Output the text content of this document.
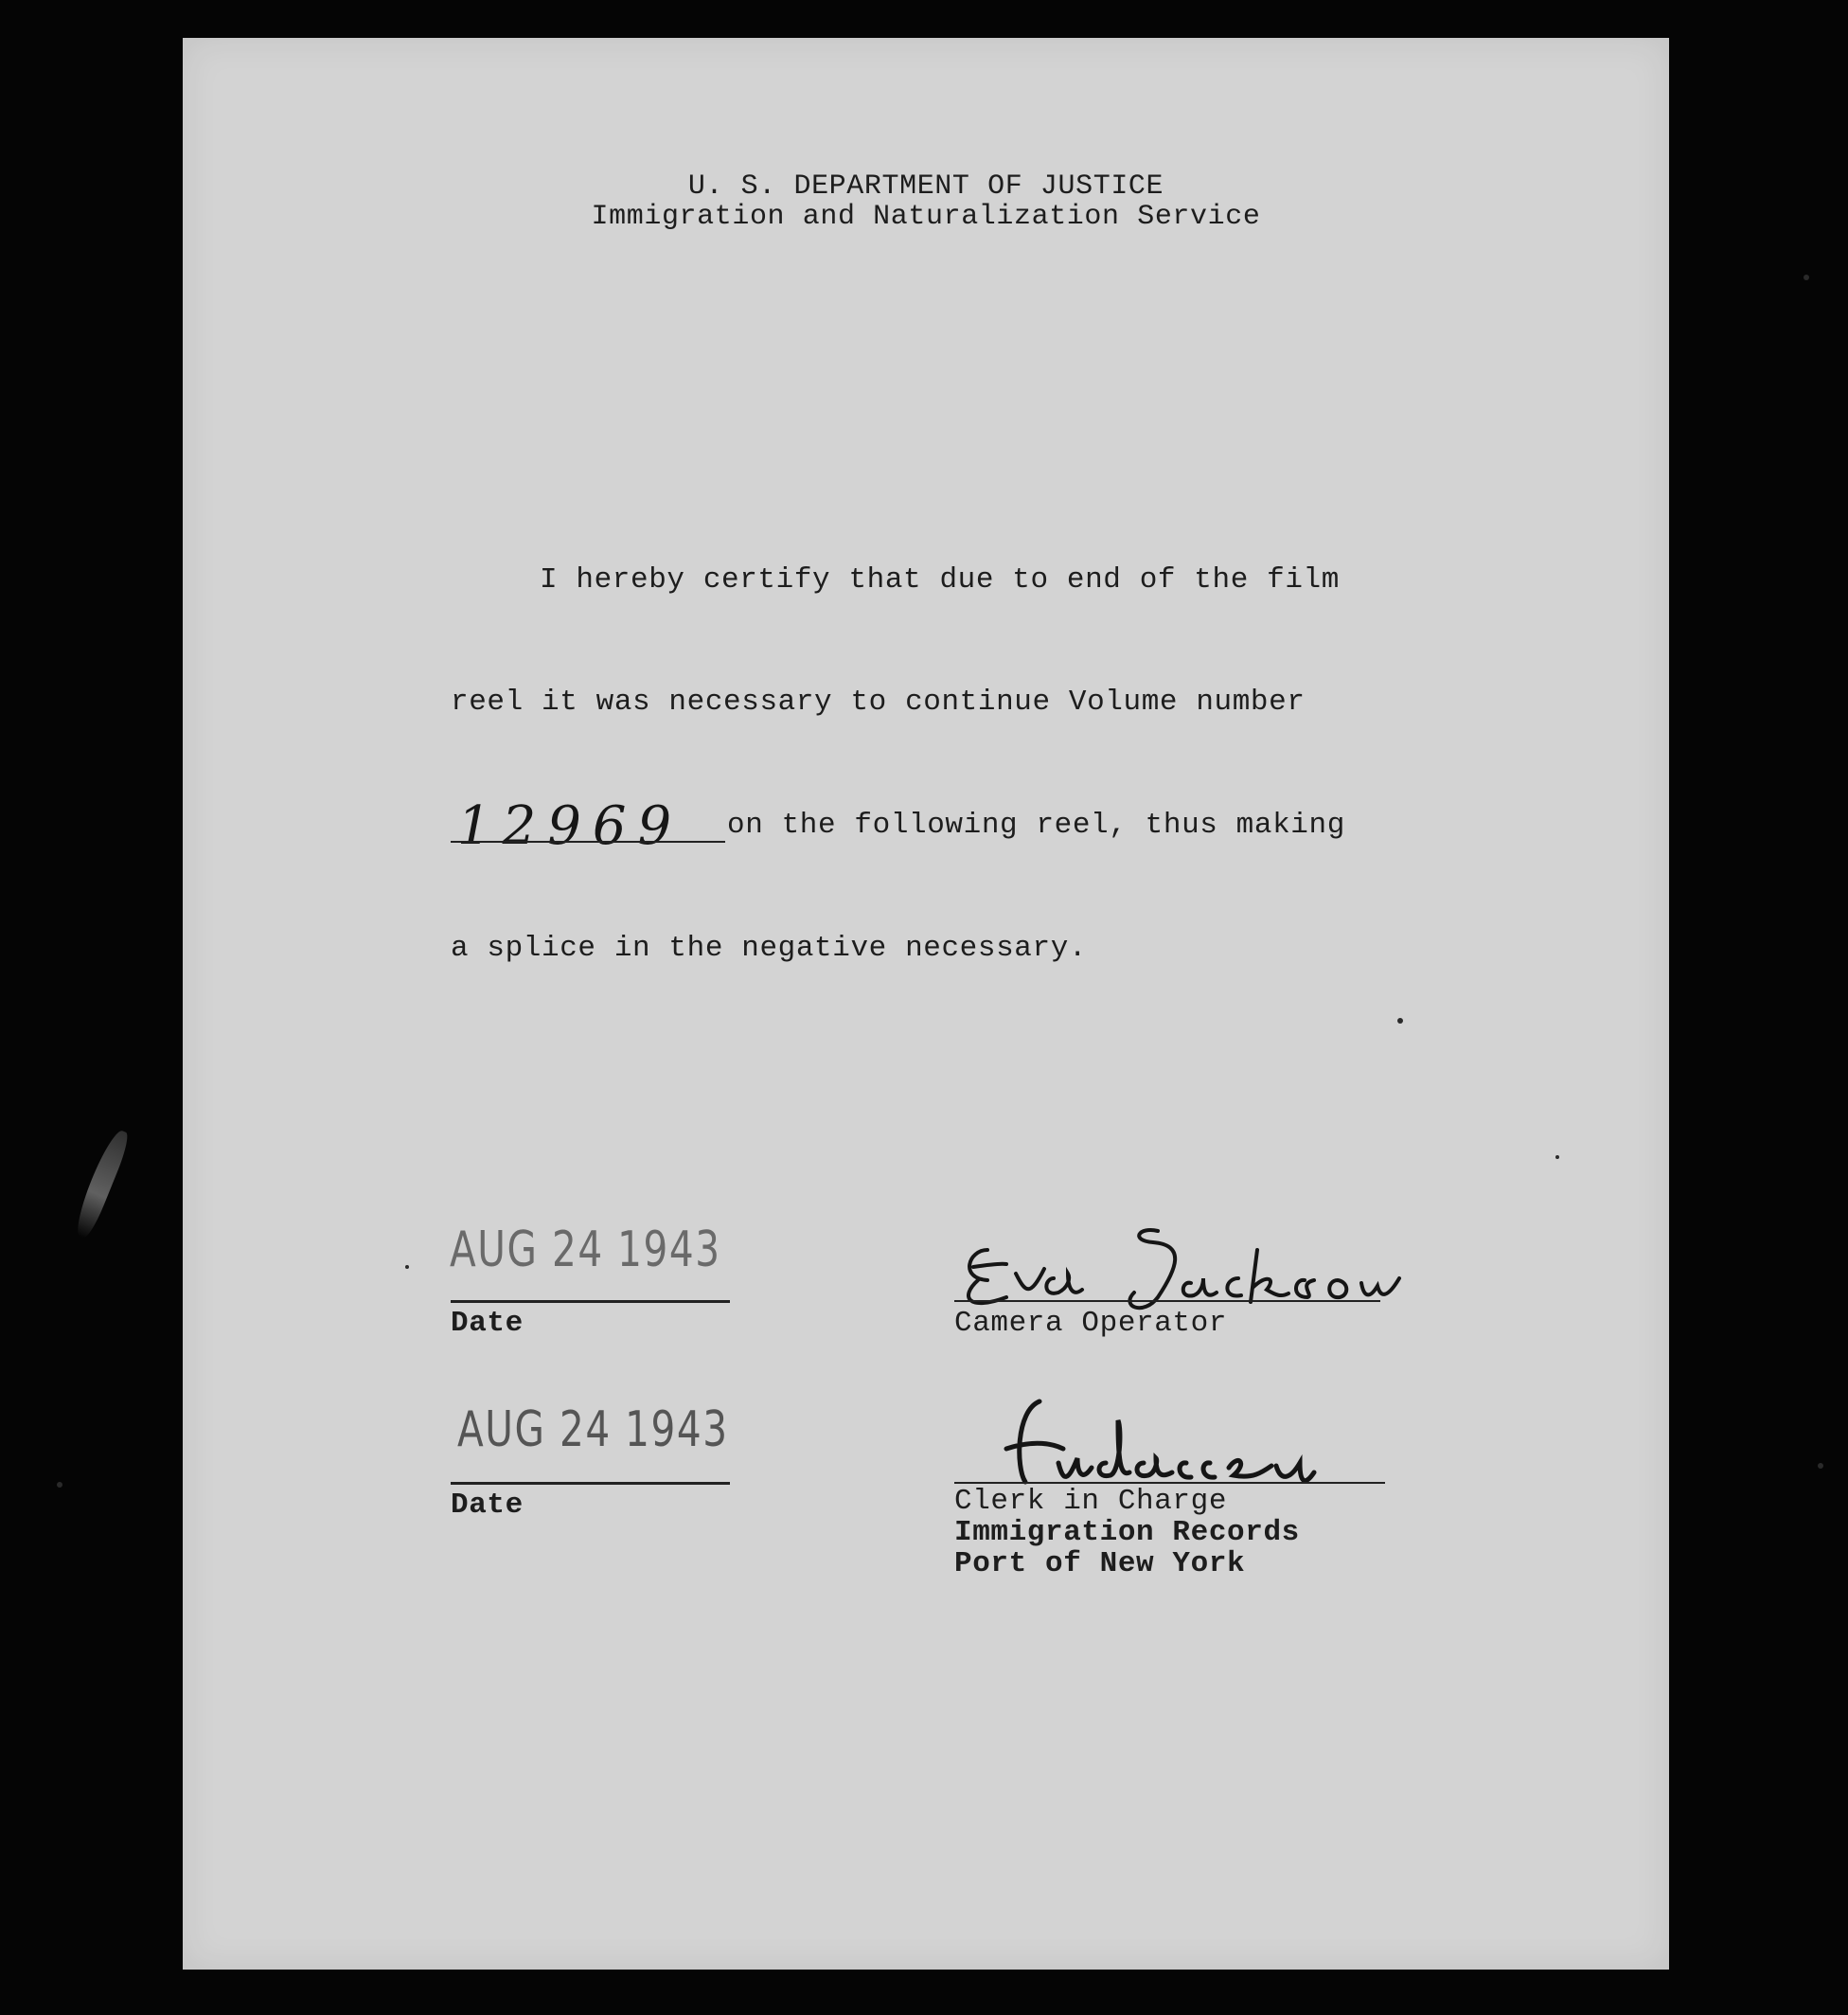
U. S. DEPARTMENT OF JUSTICE
Immigration and Naturalization Service
I hereby certify that due to end of the film
reel it was necessary to continue Volume number
12969 on the following reel, thus making
a splice in the negative necessary.
AUG 24 1943
Date
AUG 24 1943
Date
Camera Operator
Clerk in Charge
Immigration Records
Port of New York
